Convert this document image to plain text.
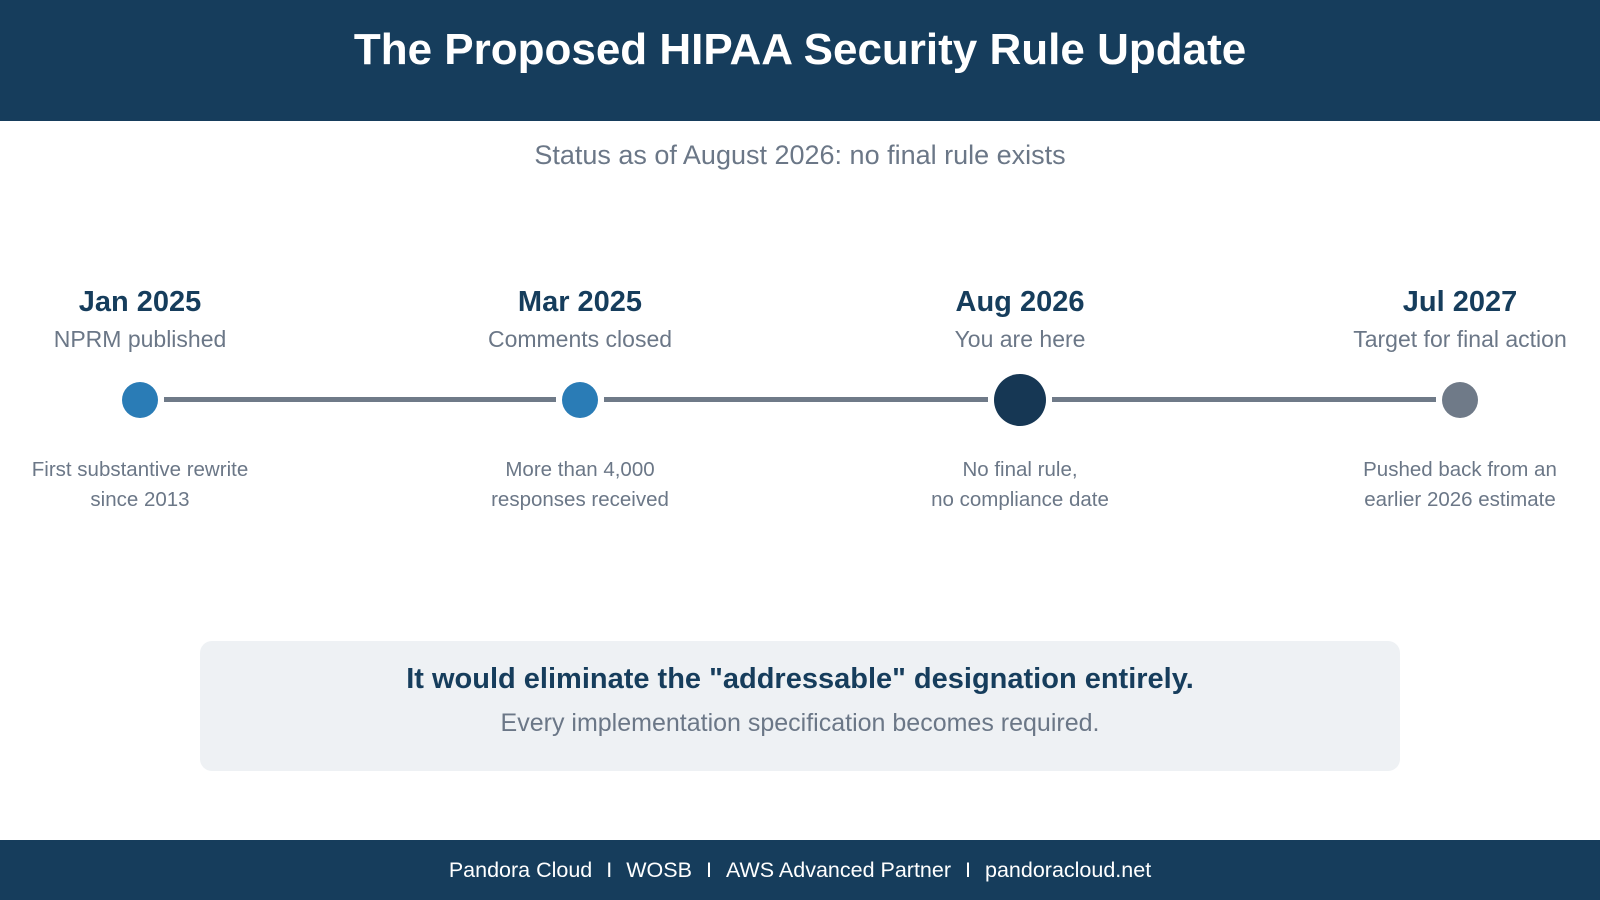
The Proposed HIPAA Security Rule Update
Status as of August 2026: no final rule exists
Jan 2025
NPRM published
First substantive rewrite
since 2013
Mar 2025
Comments closed
More than 4,000
responses received
Aug 2026
You are here
No final rule,
no compliance date
Jul 2027
Target for final action
Pushed back from an
earlier 2026 estimate
It would eliminate the "addressable" designation entirely.
Every implementation specification becomes required.
Pandora Cloud I WOSB I AWS Advanced Partner I pandoracloud.net
